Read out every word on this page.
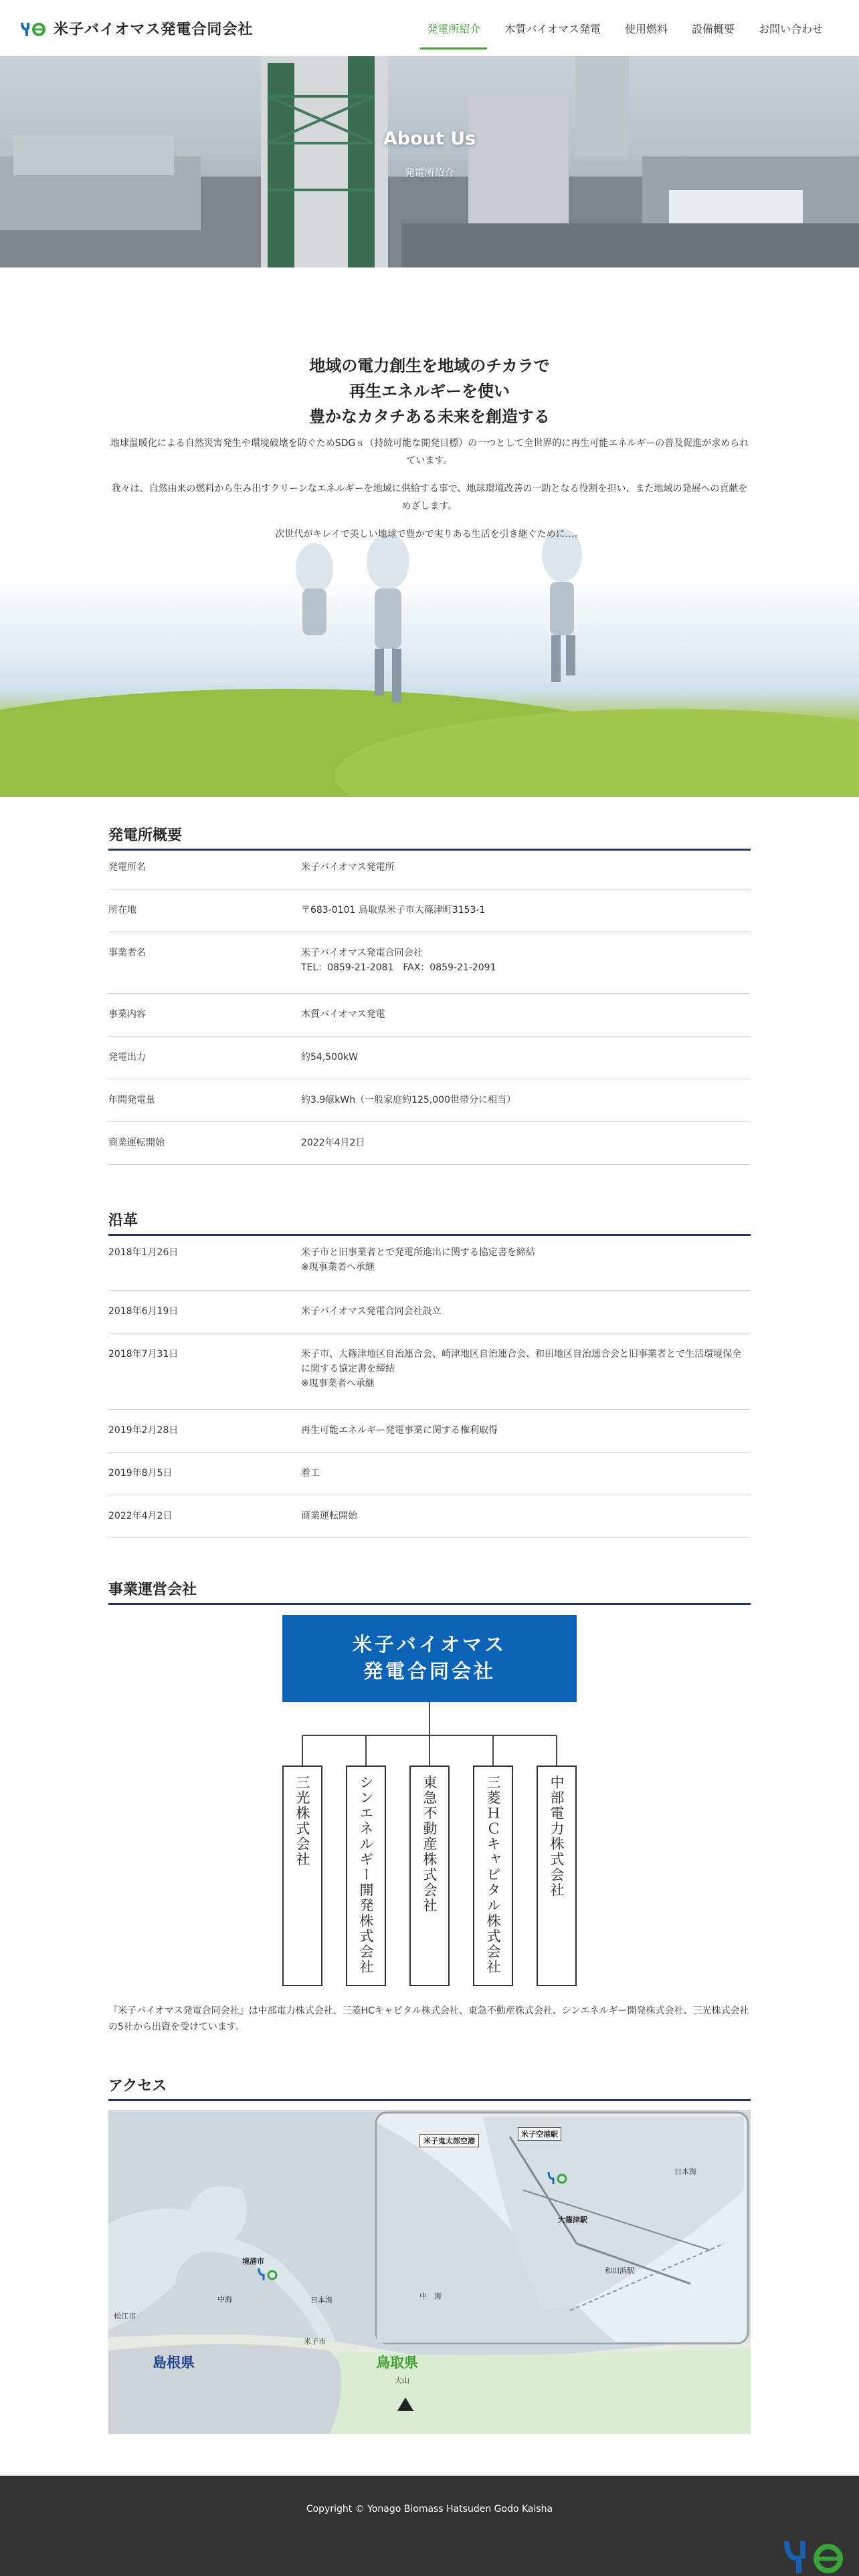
米子バイオマス発電合同会社	発電所紹介	木質バイオマス発電	使用燃料	設備概要	お問い合わせ
About Us
発電所紹介
地域の電力創生を地域のチカラで
再生エネルギーを使い
豊かなカタチある未来を創造する
地球温暖化による自然災害発生や環境破壊を防ぐためSDGｓ（持続可能な開発目標）の一つとして全世界的に再生可能エネルギーの普及促進が求められています。
我々は、自然由来の燃料から生み出すクリーンなエネルギーを地域に供給する事で、地球環境改善の一助となる役割を担い、また地域の発展への貢献をめざします。
次世代がキレイで美しい地球で豊かで実りある生活を引き継ぐために…。
発電所概要
発電所名	米子バイオマス発電所
所在地	〒683-0101 鳥取県米子市大篠津町3153-1
事業者名	米子バイオマス発電合同会社
TEL：0859-21-2081　FAX：0859-21-2091
事業内容	木質バイオマス発電
発電出力	約54,500kW
年間発電量	約3.9億kWh（一般家庭約125,000世帯分に相当）
商業運転開始	2022年4月2日
沿革
2018年1月26日	米子市と旧事業者とで発電所進出に関する協定書を締結
※現事業者へ承継
2018年6月19日	米子バイオマス発電合同会社設立
2018年7月31日	米子市、大篠津地区自治連合会、崎津地区自治連合会、和田地区自治連合会と旧事業者とで生活環境保全に関する協定書を締結
※現事業者へ承継
2019年2月28日	再生可能エネルギー発電事業に関する権利取得
2019年8月5日	着工
2022年4月2日	商業運転開始
事業運営会社
米子バイオマス
発電合同会社
三光株式会社	シンエネルギー開発株式会社	東急不動産株式会社	三菱ＨＣキャピタル株式会社	中部電力株式会社
『米子バイオマス発電合同会社』は中部電力株式会社、三菱HCキャピタル株式会社、東急不動産株式会社、シンエネルギー開発株式会社、三光株式会社の5社から出資を受けています。
アクセス
米子鬼太郎空港
米子空港駅
日本海
大篠津駅
和田浜駅
中　海
境港市
中海	日本海
松江市
米子市
島根県	鳥取県
大山
Copyright © Yonago Biomass Hatsuden Godo Kaisha
